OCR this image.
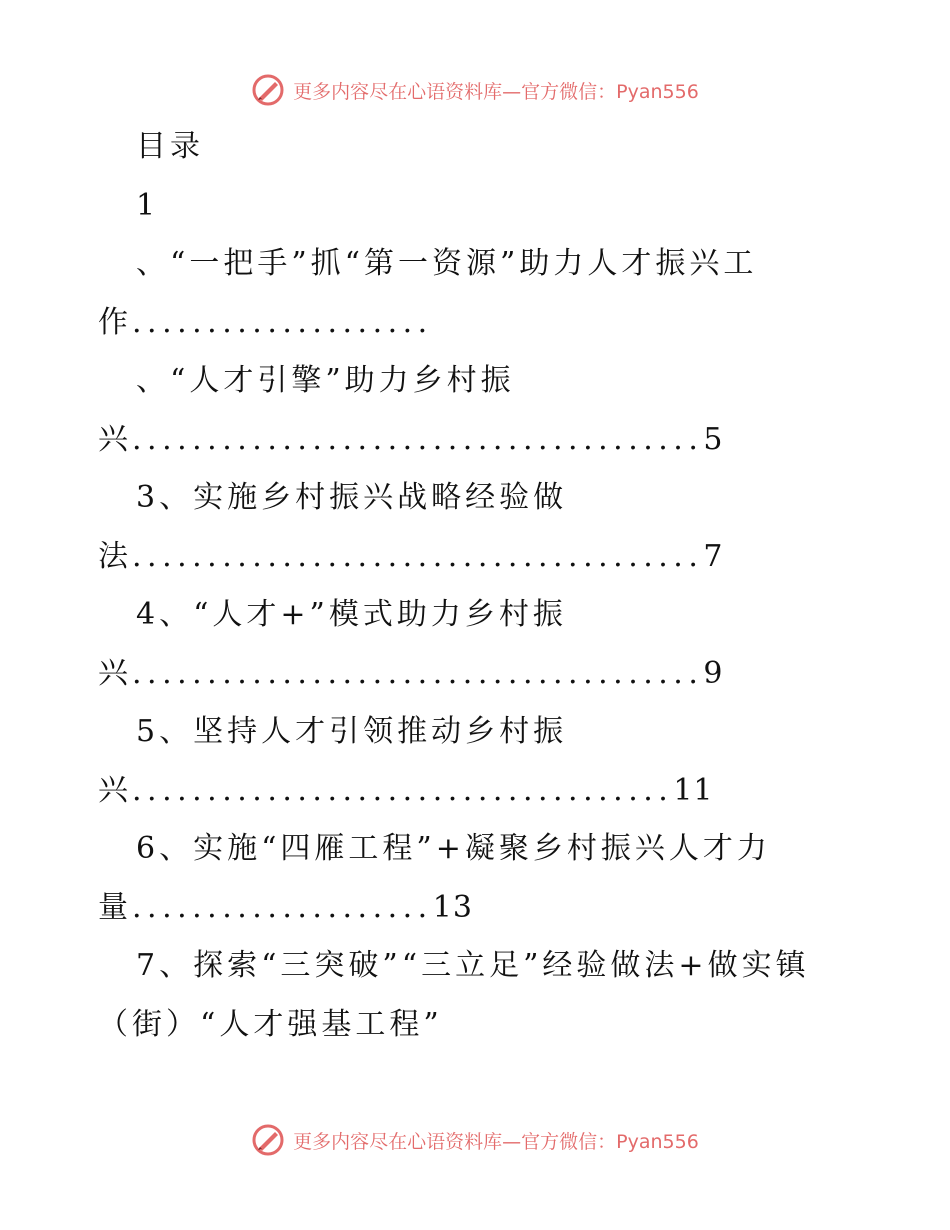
更多内容尽在心语资料库—官方微信：Pyan556
目录
1
、“一把手”抓“第一资源”助力人才振兴工
作 ....................
、“人才引擎”助力乡村振
兴 ...................................... 5
3、实施乡村振兴战略经验做
法 ...................................... 7
4、“人才+”模式助力乡村振
兴 ...................................... 9
5、坚持人才引领推动乡村振
兴 .................................... 11
6、实施“四雁工程”+凝聚乡村振兴人才力
量 .................... 13
7、探索“三突破”“三立足”经验做法+做实镇
（街）“人才强基工程”
更多内容尽在心语资料库—官方微信：Pyan556
